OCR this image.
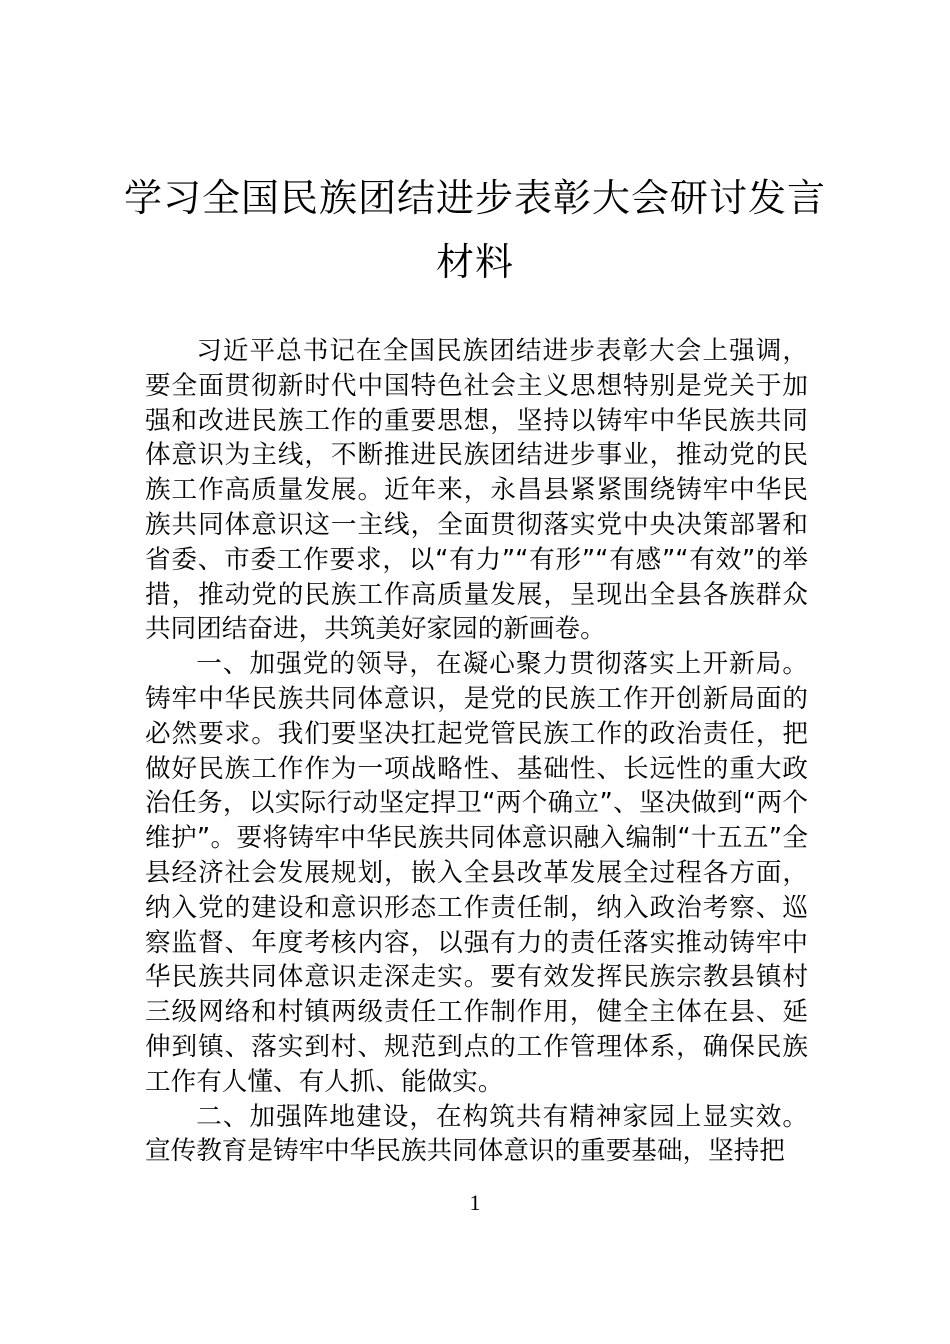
学习全国民族团结进步表彰大会研讨发言
材料

习近平总书记在全国民族团结进步表彰大会上强调，要全面贯彻新时代中国特色社会主义思想特别是党关于加强和改进民族工作的重要思想，坚持以铸牢中华民族共同体意识为主线，不断推进民族团结进步事业，推动党的民族工作高质量发展。近年来，永昌县紧紧围绕铸牢中华民族共同体意识这一主线，全面贯彻落实党中央决策部署和省委、市委工作要求，以“有力”“有形”“有感”“有效”的举措，推动党的民族工作高质量发展，呈现出全县各族群众共同团结奋进，共筑美好家园的新画卷。

一、加强党的领导，在凝心聚力贯彻落实上开新局。铸牢中华民族共同体意识，是党的民族工作开创新局面的必然要求。我们要坚决扛起党管民族工作的政治责任，把做好民族工作作为一项战略性、基础性、长远性的重大政治任务，以实际行动坚定捍卫“两个确立”、坚决做到“两个维护”。要将铸牢中华民族共同体意识融入编制“十五五”全县经济社会发展规划，嵌入全县改革发展全过程各方面，纳入党的建设和意识形态工作责任制，纳入政治考察、巡察监督、年度考核内容，以强有力的责任落实推动铸牢中华民族共同体意识走深走实。要有效发挥民族宗教县镇村三级网络和村镇两级责任工作制作用，健全主体在县、延伸到镇、落实到村、规范到点的工作管理体系，确保民族工作有人懂、有人抓、能做实。

二、加强阵地建设，在构筑共有精神家园上显实效。宣传教育是铸牢中华民族共同体意识的重要基础，坚持把

1
